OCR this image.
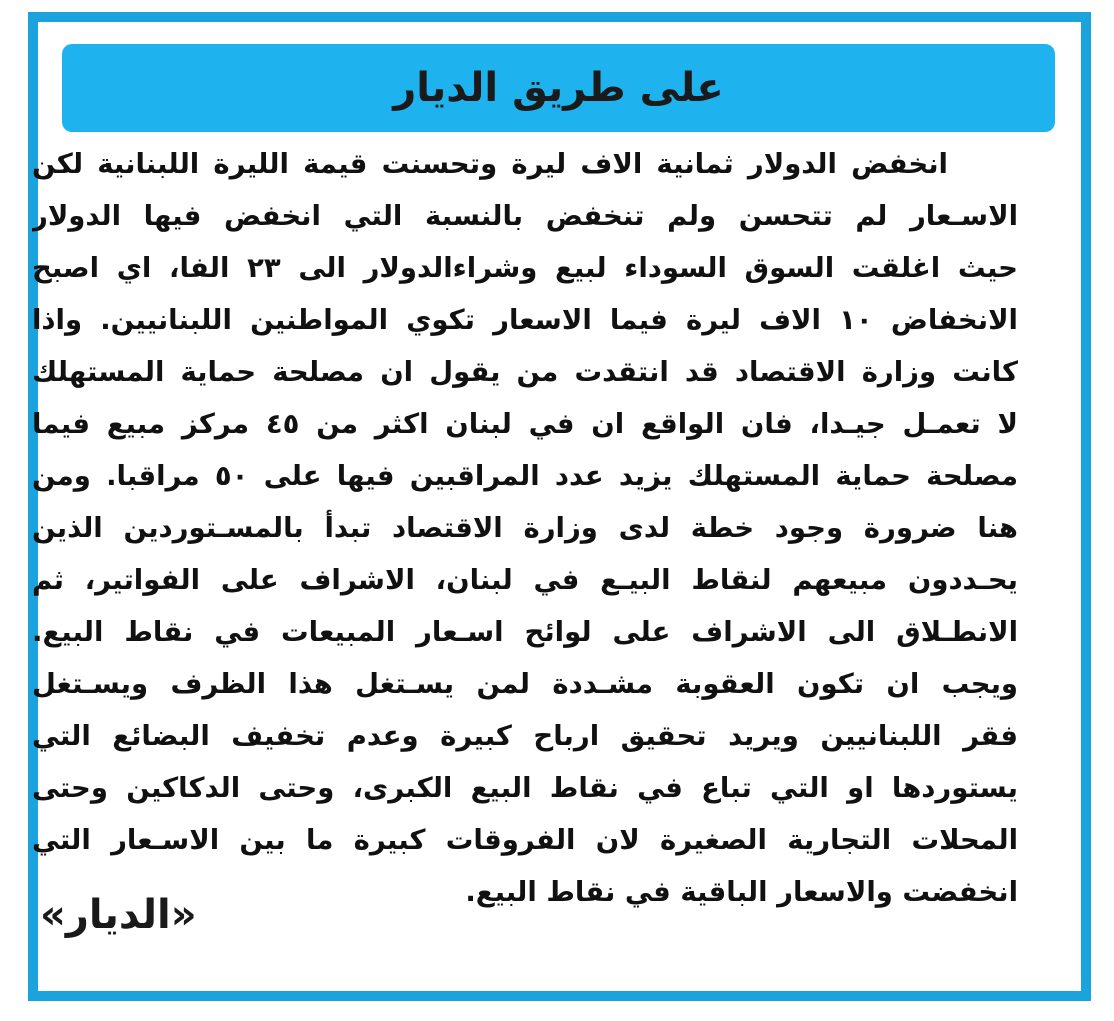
على طريق الديار
انخفض الدولار ثمانية الاف ليرة وتحسنت قيمة الليرة اللبنانية لكن
الاسـعار لم تتحسن ولم تنخفض بالنسبة التي انخفض فيها الدولار
حيث اغلقت السوق السوداء لبيع وشراءالدولار الى ٢٣ الفا، اي اصبح
الانخفاض ١٠ الاف ليرة فيما الاسعار تكوي المواطنين اللبنانيين. واذا
كانت وزارة الاقتصاد قد انتقدت من يقول ان مصلحة حماية المستهلك
لا تعمـل جيـدا، فان الواقع ان في لبنان اكثر من ٤٥ مركز مبيع فيما
مصلحة حماية المستهلك يزيد عدد المراقبين فيها على ٥٠ مراقبا. ومن
هنا ضرورة وجود خطة لدى وزارة الاقتصاد تبدأ بالمسـتوردين الذين
يحـددون مبيعهم لنقاط البيـع في لبنان، الاشراف على الفواتير، ثم
الانطـلاق الى الاشراف على لوائح اسـعار المبيعات في نقاط البيع.
ويجب ان تكون العقوبة مشـددة لمن يسـتغل هذا الظرف ويسـتغل
فقر اللبنانيين ويريد تحقيق ارباح كبيرة وعدم تخفيف البضائع التي
يستوردها او التي تباع في نقاط البيع الكبرى، وحتى الدكاكين وحتى
المحلات التجارية الصغيرة لان الفروقات كبيرة ما بين الاسـعار التي
انخفضت والاسعار الباقية في نقاط البيع.
«الديار»
